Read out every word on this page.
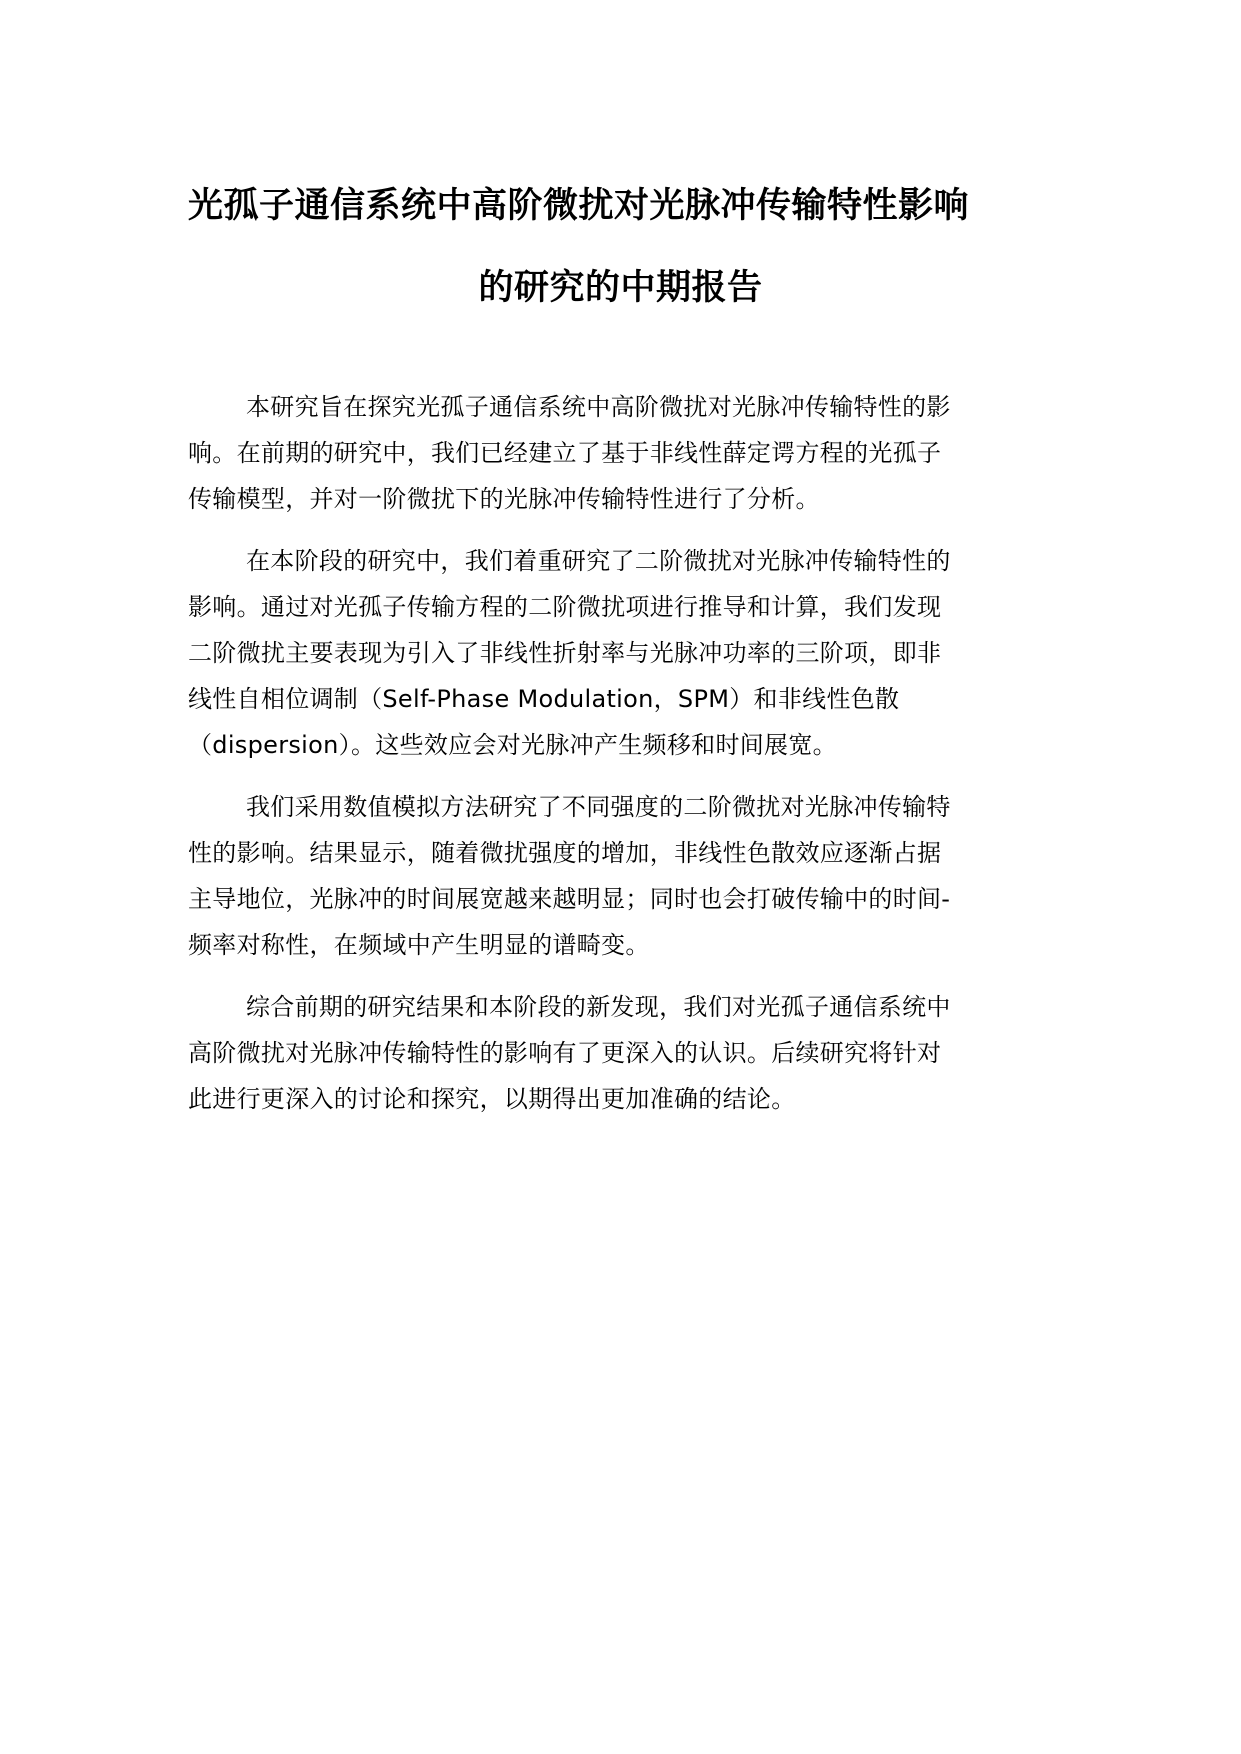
光孤子通信系统中高阶微扰对光脉冲传输特性影响
的研究的中期报告

本研究旨在探究光孤子通信系统中高阶微扰对光脉冲传输特性的影
响。在前期的研究中，我们已经建立了基于非线性薛定谔方程的光孤子
传输模型，并对一阶微扰下的光脉冲传输特性进行了分析。

在本阶段的研究中，我们着重研究了二阶微扰对光脉冲传输特性的
影响。通过对光孤子传输方程的二阶微扰项进行推导和计算，我们发现
二阶微扰主要表现为引入了非线性折射率与光脉冲功率的三阶项，即非
线性自相位调制（Self-Phase Modulation，SPM）和非线性色散
（dispersion）。这些效应会对光脉冲产生频移和时间展宽。

我们采用数值模拟方法研究了不同强度的二阶微扰对光脉冲传输特
性的影响。结果显示，随着微扰强度的增加，非线性色散效应逐渐占据
主导地位，光脉冲的时间展宽越来越明显；同时也会打破传输中的时间-
频率对称性，在频域中产生明显的谱畸变。

综合前期的研究结果和本阶段的新发现，我们对光孤子通信系统中
高阶微扰对光脉冲传输特性的影响有了更深入的认识。后续研究将针对
此进行更深入的讨论和探究，以期得出更加准确的结论。
